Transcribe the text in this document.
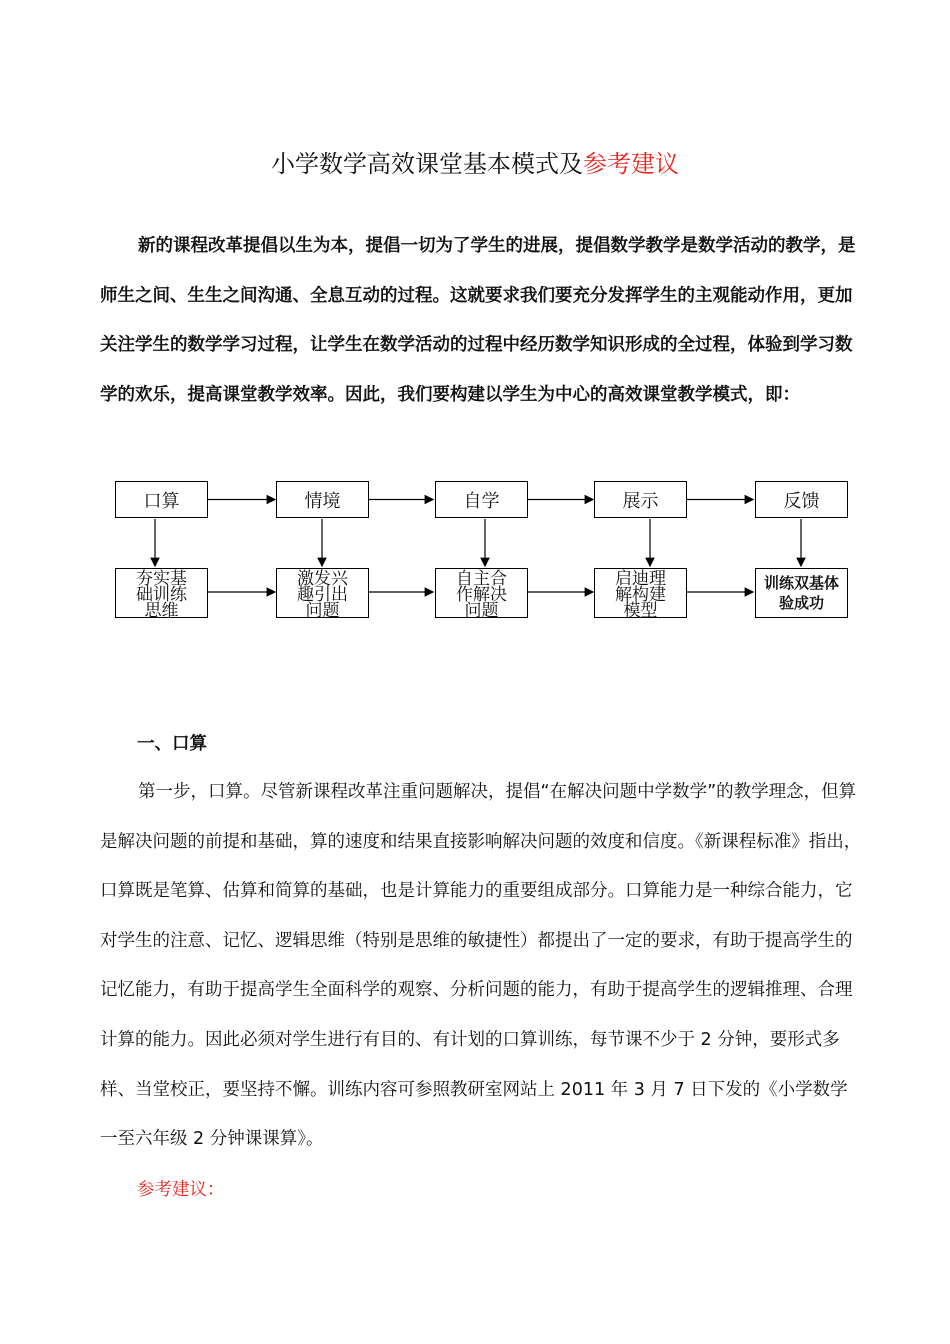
小学数学高效课堂基本模式及参考建议

新的课程改革提倡以生为本，提倡一切为了学生的进展，提倡数学教学是数学活动的教学，是师生之间、生生之间沟通、全息互动的过程。这就要求我们要充分发挥学生的主观能动作用，更加关注学生的数学学习过程，让学生在数学活动的过程中经历数学知识形成的全过程，体验到学习数学的欢乐，提高课堂教学效率。因此，我们要构建以学生为中心的高效课堂教学模式，即：

口算	情境	自学	展示	反馈
夯实基础训练思维
激发兴趣引出问题
自主合作解决问题
启迪理解构建模型
训练双基体验成功
一、口算

第一步，口算。尽管新课程改革注重问题解决，提倡“在解决问题中学数学”的教学理念，但算是解决问题的前提和基础，算的速度和结果直接影响解决问题的效度和信度。《新课程标准》指出，口算既是笔算、估算和简算的基础，也是计算能力的重要组成部分。口算能力是一种综合能力，它对学生的注意、记忆、逻辑思维（特别是思维的敏捷性）都提出了一定的要求，有助于提高学生的记忆能力，有助于提高学生全面科学的观察、分析问题的能力，有助于提高学生的逻辑推理、合理计算的能力。因此必须对学生进行有目的、有计划的口算训练，每节课不少于 2 分钟，要形式多样、当堂校正，要坚持不懈。训练内容可参照教研室网站上 2011 年 3 月 7 日下发的《小学数学一至六年级 2 分钟课课算》。

参考建议：
